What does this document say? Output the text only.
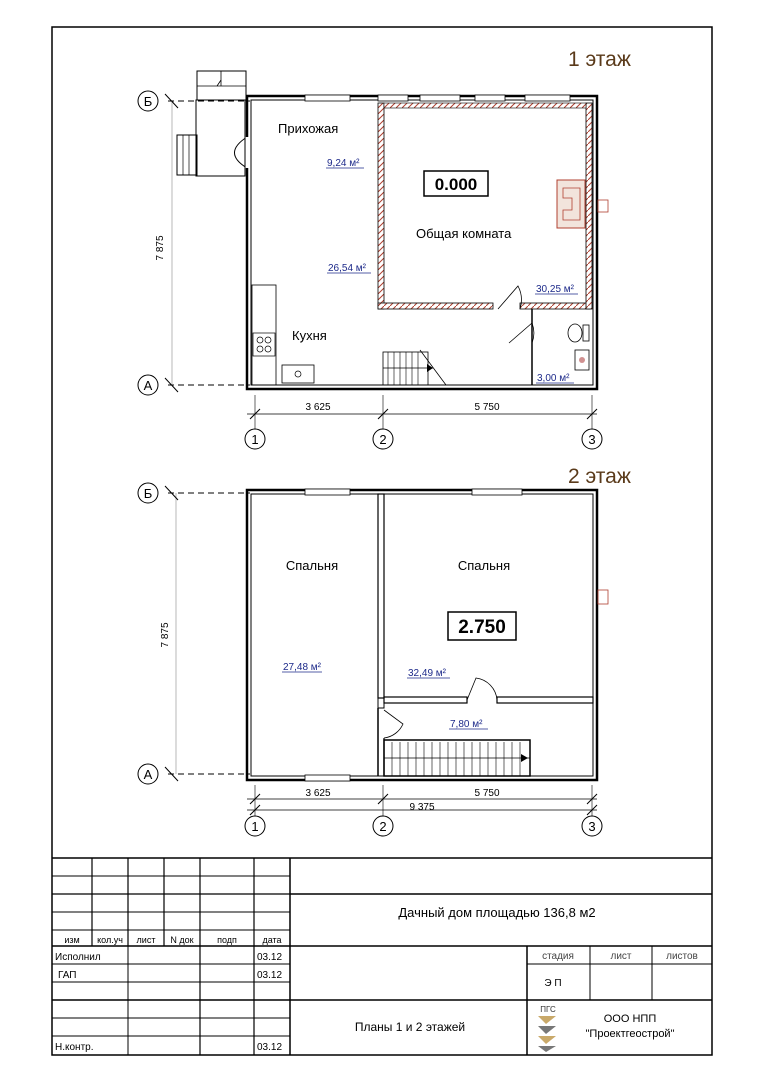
1 этаж
0.000
Прихожая
9,24 м²
Общая комната
30,25 м²
Кухня
26,54 м²
3,00 м²
7 875
3 625	5 750
Б
А
1	2	3
2 этаж
2.750
Спальня
27,48 м²
Спальня
32,49 м²
7,80 м²
7 875
3 625	5 750
9 375
Б
А
1	2	3
изм кол.уч лист N док	подп	дата
Исполнил	03.12
ГАП	03.12
Н.контр.	03.12
Дачный дом площадью 136,8 м2
стадия	лист	листов
Э П
Планы 1 и 2 этажей
ПГС
ООО НПП
"Проектгеострой"
